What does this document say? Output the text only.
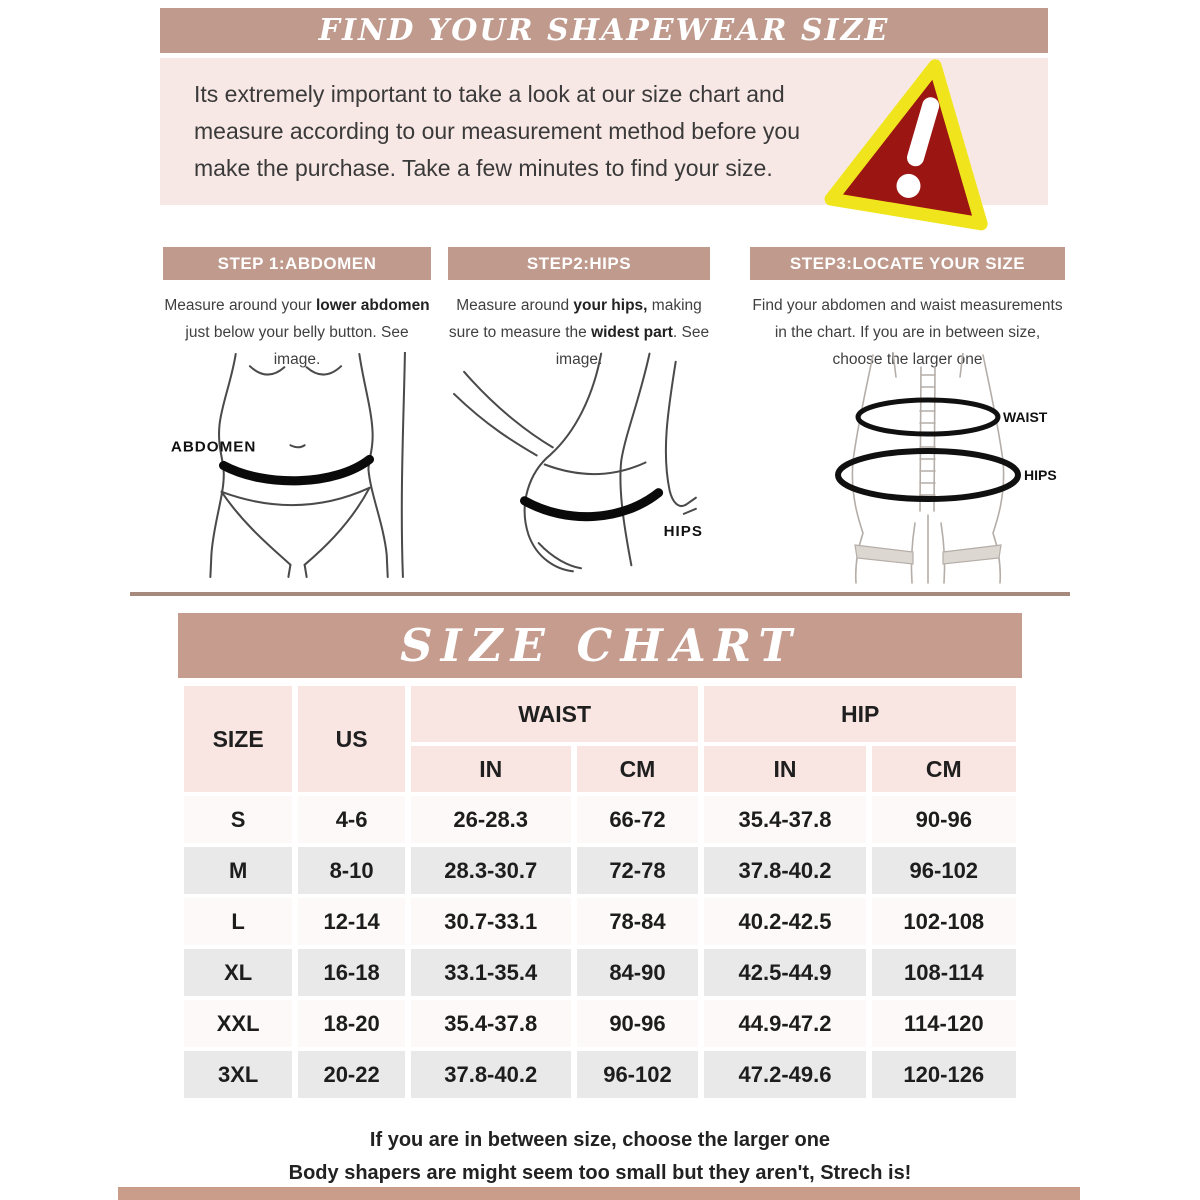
FIND YOUR SHAPEWEAR SIZE
Its extremely important to take a look at our size chart and measure according to our measurement method before you make the purchase. Take a few minutes to find your size.
STEP 1:ABDOMEN
Measure around your lower abdomen just below your belly button. See image.
STEP2:HIPS
Measure around your hips, making sure to measure the widest part. See image.
STEP3:LOCATE YOUR SIZE
Find your abdomen and waist measurements in the chart. If you are in between size, choose the larger one
ABDOMEN
HIPS
WAIST
HIPS
SIZE CHART
SIZE	US	WAIST		HIP	
		IN	CM	IN	CM
S	4-6	26-28.3	66-72	35.4-37.8	90-96
M	8-10	28.3-30.7	72-78	37.8-40.2	96-102
L	12-14	30.7-33.1	78-84	40.2-42.5	102-108
XL	16-18	33.1-35.4	84-90	42.5-44.9	108-114
XXL	18-20	35.4-37.8	90-96	44.9-47.2	114-120
3XL	20-22	37.8-40.2	96-102	47.2-49.6	120-126
If you are in between size, choose the larger one
Body shapers are might seem too small but they aren't, Strech is!
